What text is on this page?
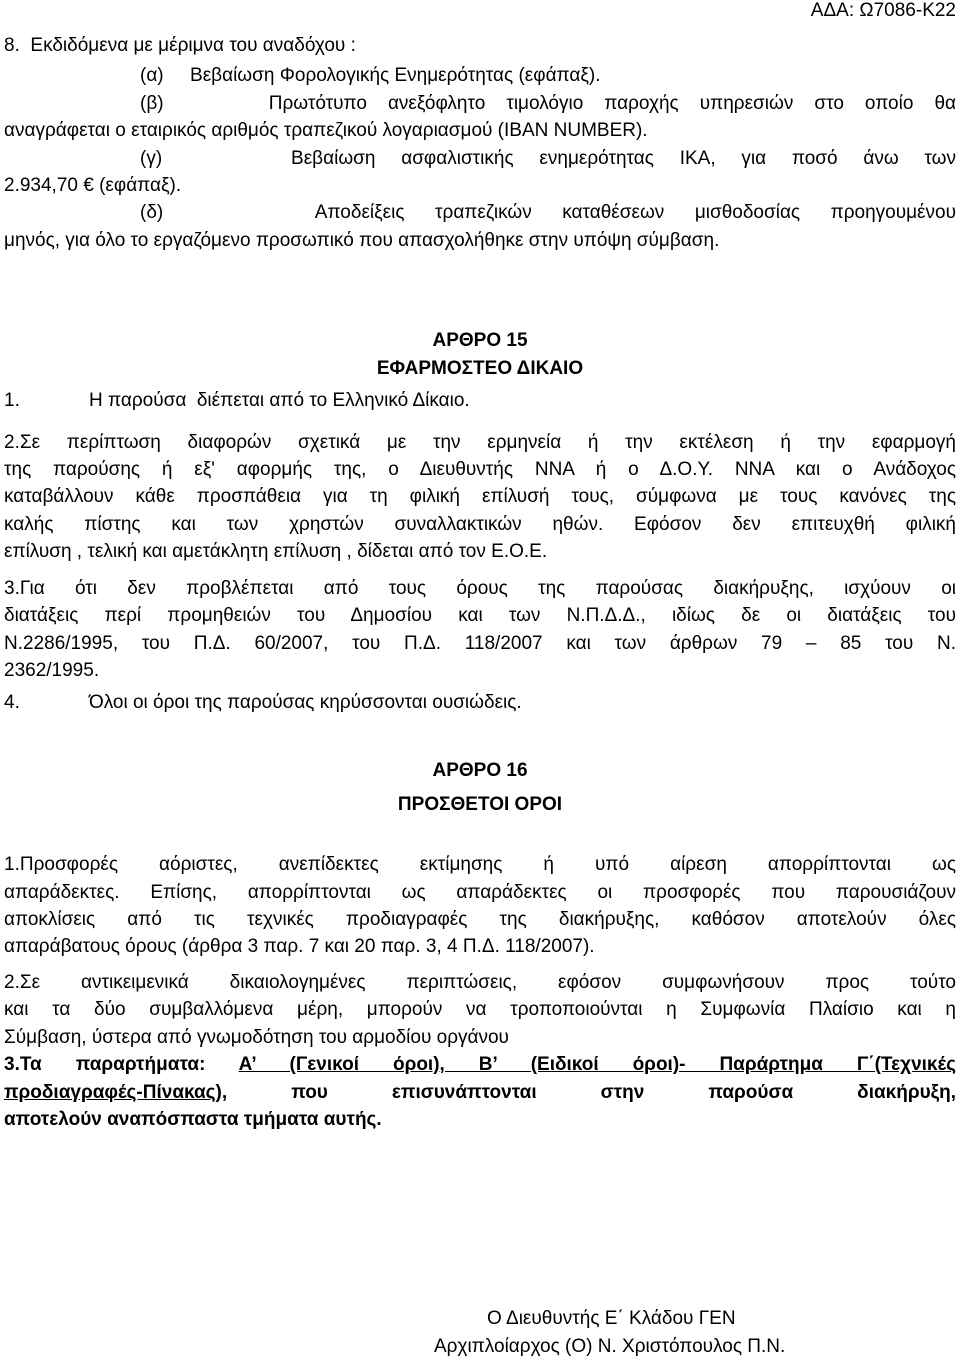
ΑΔΑ: Ω7086-Κ22
8.  Εκδιδόμενα με μέριμνα του αναδόχου :
(α)     Βεβαίωση Φορολογικής Ενημερότητας (εφάπαξ).
(β)     Πρωτότυπο ανεξόφλητο τιμολόγιο παροχής υπηρεσιών στο οποίο θα
αναγράφεται ο εταιρικός αριθμός τραπεζικού λογαριασμού (IBAN NUMBER).
(γ)     Βεβαίωση ασφαλιστικής ενημερότητας ΙΚΑ, για ποσό άνω των
2.934,70 € (εφάπαξ).
(δ)     Αποδείξεις τραπεζικών καταθέσεων μισθοδοσίας προηγουμένου
μηνός, για όλο το εργαζόμενο προσωπικό που απασχολήθηκε στην υπόψη σύμβαση.
ΑΡΘΡΟ 15
ΕΦΑΡΜΟΣΤΕΟ ΔΙΚΑΙΟ
1.	Η παρούσα  διέπεται από το Ελληνικό Δίκαιο.
2.Σε περίπτωση διαφορών σχετικά με την ερμηνεία ή την εκτέλεση ή την εφαρμογή
της παρούσης ή εξ' αφορμής της, ο Διευθυντής ΝΝΑ ή ο Δ.Ο.Υ. ΝΝΑ και ο Ανάδοχος
καταβάλλουν κάθε προσπάθεια για τη φιλική επίλυσή τους, σύμφωνα με τους κανόνες της
καλής πίστης και των χρηστών συναλλακτικών ηθών. Εφόσον δεν επιτευχθή φιλική
επίλυση , τελική και αμετάκλητη επίλυση , δίδεται από τον Ε.Ο.Ε.
3.Για ότι δεν προβλέπεται από τους όρους της παρούσας διακήρυξης, ισχύουν οι
διατάξεις περί προμηθειών του Δημοσίου και των Ν.Π.Δ.Δ., ιδίως δε οι διατάξεις του
Ν.2286/1995, του Π.Δ. 60/2007, του Π.Δ. 118/2007 και των άρθρων 79 – 85 του Ν.
2362/1995.
4.	Όλοι οι όροι της παρούσας κηρύσσονται ουσιώδεις.
ΑΡΘΡΟ 16
ΠΡΟΣΘΕΤΟΙ ΟΡΟΙ
1.Προσφορές αόριστες, ανεπίδεκτες εκτίμησης ή υπό αίρεση απορρίπτονται ως
απαράδεκτες. Επίσης, απορρίπτονται ως απαράδεκτες οι προσφορές που παρουσιάζουν
αποκλίσεις από τις τεχνικές προδιαγραφές της διακήρυξης, καθόσον αποτελούν όλες
απαράβατους όρους (άρθρα 3 παρ. 7 και 20 παρ. 3, 4 Π.Δ. 118/2007).
2.Σε αντικειμενικά δικαιολογημένες περιπτώσεις, εφόσον συμφωνήσουν προς τούτο
και τα δύο συμβαλλόμενα μέρη, μπορούν να τροποποιούνται η Συμφωνία Πλαίσιο και η
Σύμβαση, ύστερα από γνωμοδότηση του αρμοδίου οργάνου
3.Τα παραρτήματα: Α’ (Γενικοί όροι), Β’ (Ειδικοί όροι)- Παράρτημα Γ΄(Τεχνικές
προδιαγραφές-Πίνακας),	που επισυνάπτονται στην παρούσα διακήρυξη,
αποτελούν αναπόσπαστα τμήματα αυτής.
Ο Διευθυντής Ε΄ Κλάδου ΓΕΝ
Αρχιπλοίαρχος (Ο) Ν. Χριστόπουλος Π.Ν.
